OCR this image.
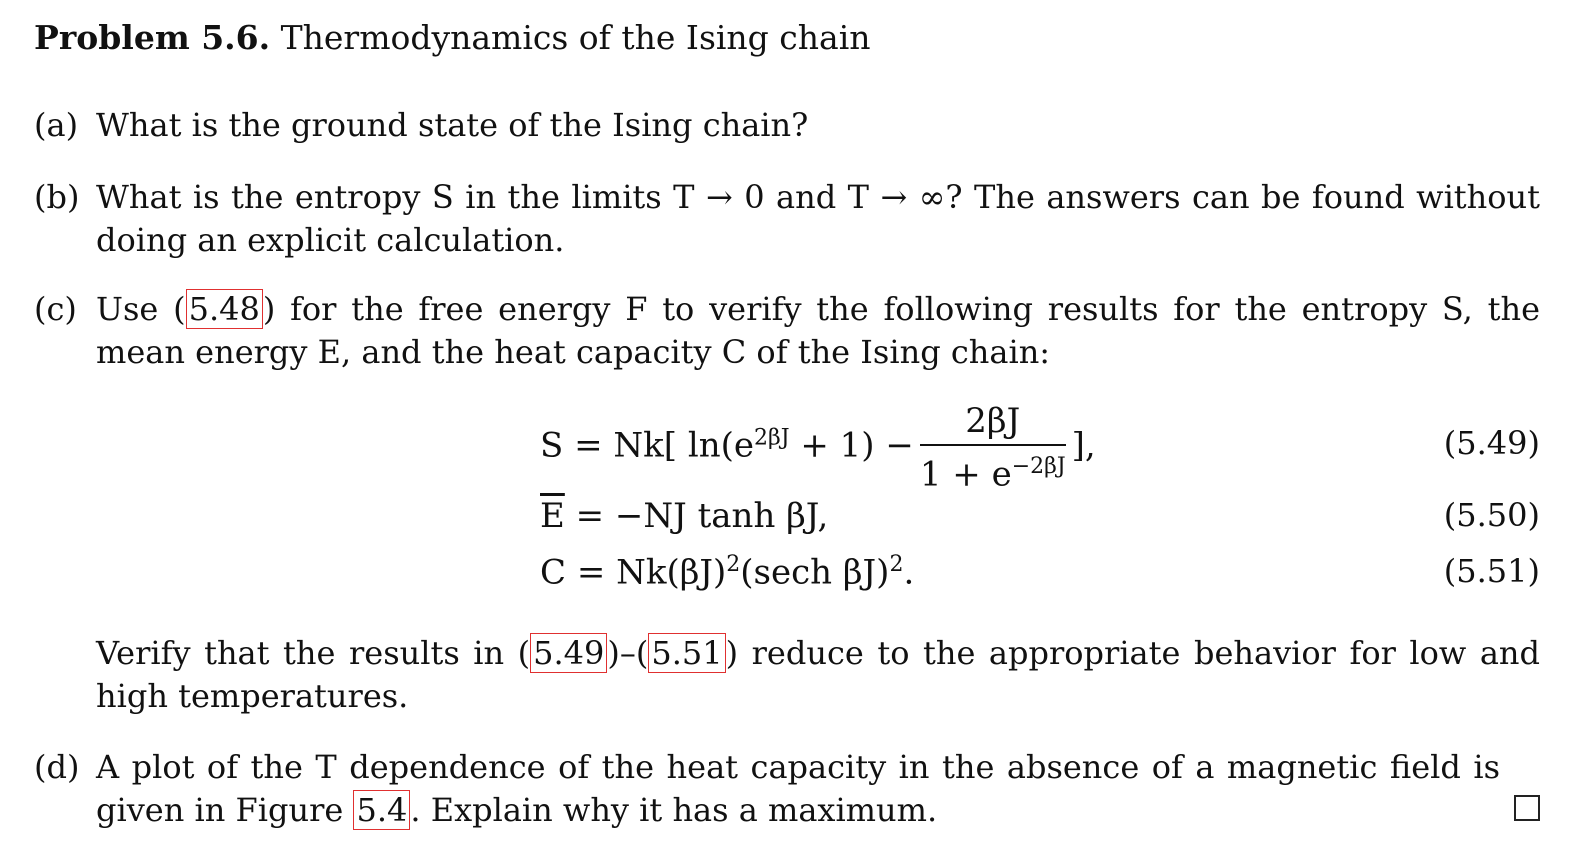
Problem 5.6. Thermodynamics of the Ising chain
(a) What is the ground state of the Ising chain?
(b) What is the entropy S in the limits T → 0 and T → ∞? The answers can be found without doing an explicit calculation.
(c) Use (5.48) for the free energy F to verify the following results for the entropy S, the mean energy E, and the heat capacity C of the Ising chain:
S = Nk[ $\ln(e^{2\beta J} + 1) - \frac{2\beta J}{1 + e^{-2\beta J}}$ ],	(5.49)
$\overline{E} = -NJ$ tanh βJ,	(5.50)
$C = Nk(\beta J)^2(\sec h$ βJ)$^2$.	(5.51)
Verify that the results in (5.49)–(5.51) reduce to the appropriate behavior for low and high temperatures.
(d) A plot of the T dependence of the heat capacity in the absence of a magnetic field is given in Figure 5.4. Explain why it has a maximum.
